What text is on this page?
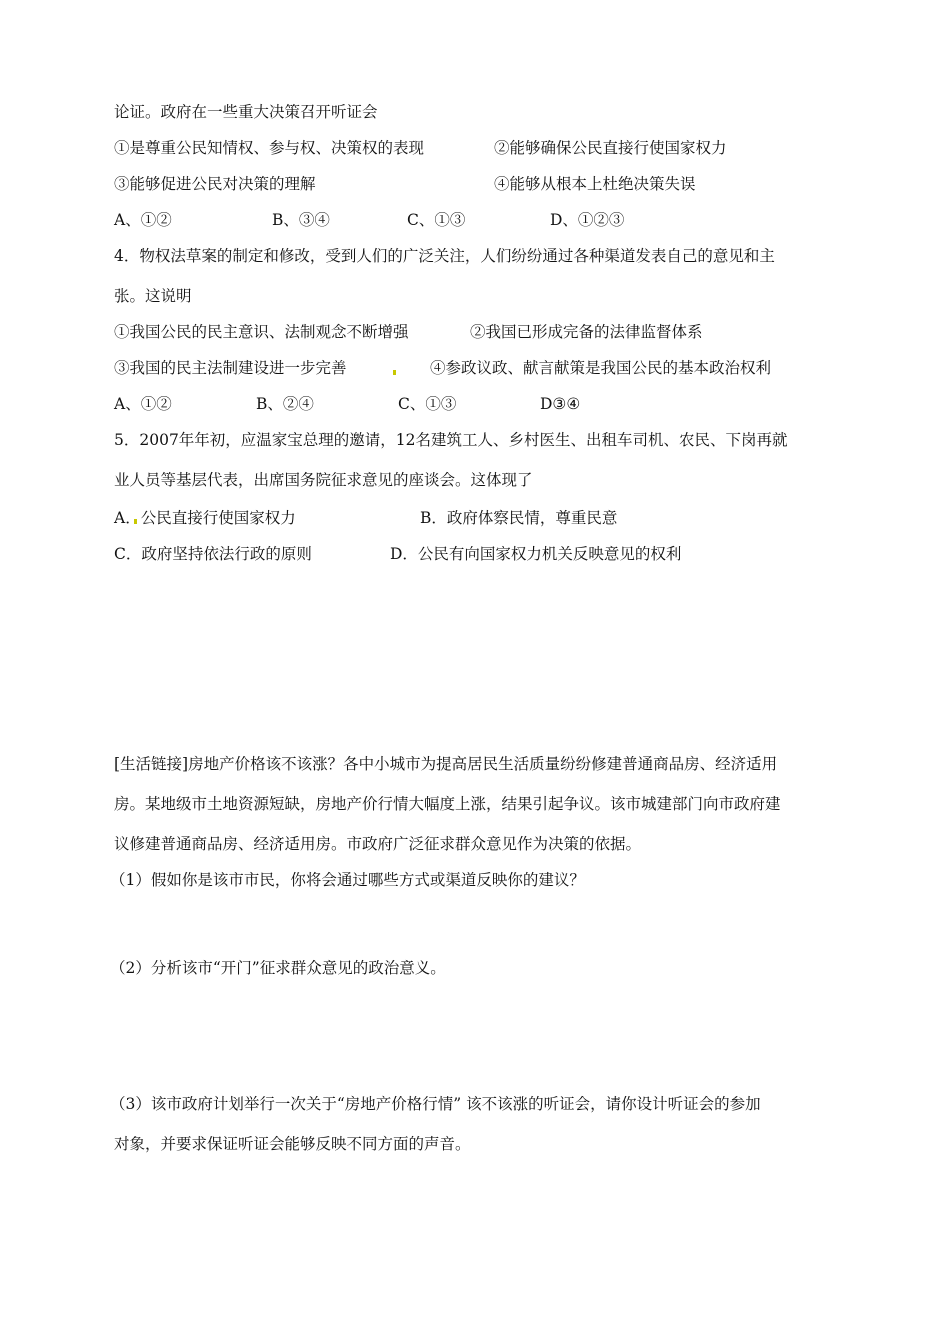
论证。政府在一些重大决策召开听证会
①是尊重公民知情权、参与权、决策权的表现	②能够确保公民直接行使国家权力
③能够促进公民对决策的理解	④能够从根本上杜绝决策失误
A、①②	B、③④	C、①③	D、①②③
4．物权法草案的制定和修改，受到人们的广泛关注，人们纷纷通过各种渠道发表自己的意见和主
张。这说明
①我国公民的民主意识、法制观念不断增强	②我国已形成完备的法律监督体系
③我国的民主法制建设进一步完善	④参政议政、献言献策是我国公民的基本政治权利
A、①②	B、②④	C、①③	D③④
5．2007年年初，应温家宝总理的邀请，12名建筑工人、乡村医生、出租车司机、农民、下岗再就
业人员等基层代表，出席国务院征求意见的座谈会。这体现了
A．公民直接行使国家权力	B．政府体察民情，尊重民意
C．政府坚持依法行政的原则	D．公民有向国家权力机关反映意见的权利
[生活链接]房地产价格该不该涨？各中小城市为提高居民生活质量纷纷修建普通商品房、经济适用
房。某地级市土地资源短缺，房地产价行情大幅度上涨，结果引起争议。该市城建部门向市政府建
议修建普通商品房、经济适用房。市政府广泛征求群众意见作为决策的依据。
（1）假如你是该市市民，你将会通过哪些方式或渠道反映你的建议？
（2）分析该市“开门”征求群众意见的政治意义。
（3）该市政府计划举行一次关于“房地产价格行情” 该不该涨的听证会，请你设计听证会的参加
对象，并要求保证听证会能够反映不同方面的声音。
